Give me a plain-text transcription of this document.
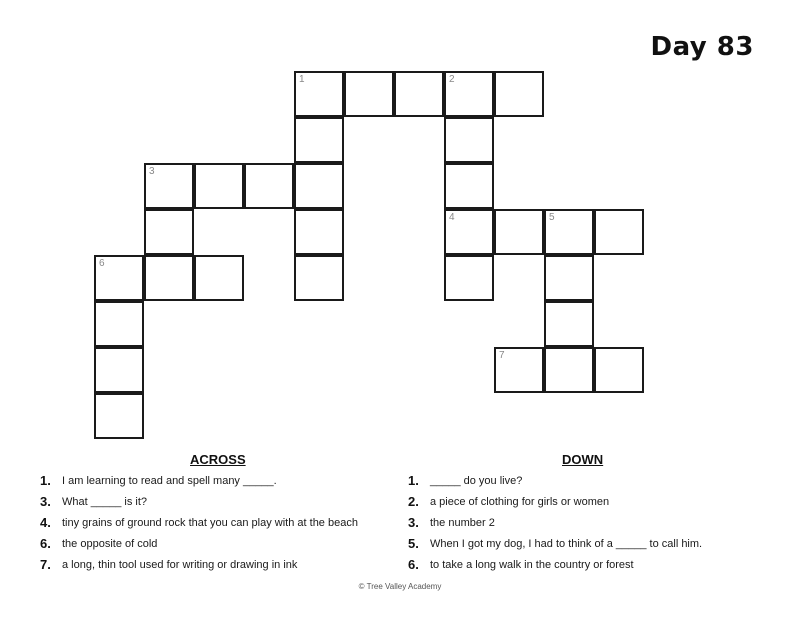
Day 83
1	2
3
4	5
6
7
ACROSS
1.	I am learning to read and spell many _____.
3.	What _____ is it?
4.	tiny grains of ground rock that you can play with at the beach
6.	the opposite of cold
7.	a long, thin tool used for writing or drawing in ink
DOWN
1.	_____ do you live?
2.	a piece of clothing for girls or women
3.	the number 2
5.	When I got my dog, I had to think of a _____ to call him.
6.	to take a long walk in the country or forest
© Tree Valley Academy
